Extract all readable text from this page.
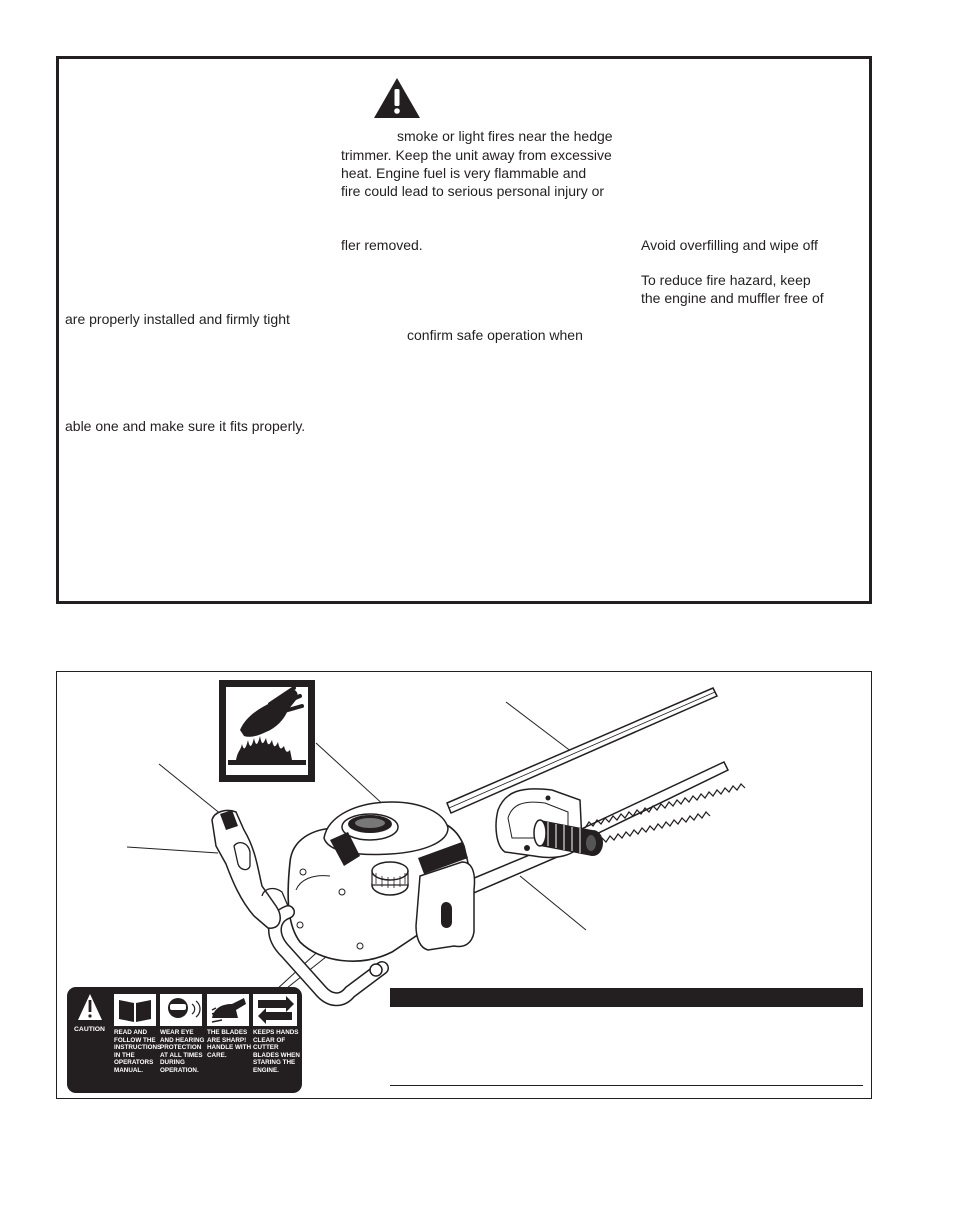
smoke or light fires near the hedge
trimmer. Keep the unit away from excessive
heat. Engine fuel is very flammable and
fire could lead to serious personal injury or
fler removed.	Avoid overfilling and wipe off
To reduce fire hazard, keep
the engine and muffler free of
are properly installed and firmly tight
confirm safe operation when
able one and make sure it fits properly.
CAUTION READ AND
FOLLOW THE
INSTRUCTIONS
IN THE
OPERATORS
MANUAL.
WEAR EYE
AND HEARING
PROTECTION
AT ALL TIMES
DURING
OPERATION.
THE BLADES
ARE SHARP!
HANDLE WITH
CARE.
KEEPS HANDS
CLEAR OF
CUTTER
BLADES WHEN
STARING THE
ENGINE.
